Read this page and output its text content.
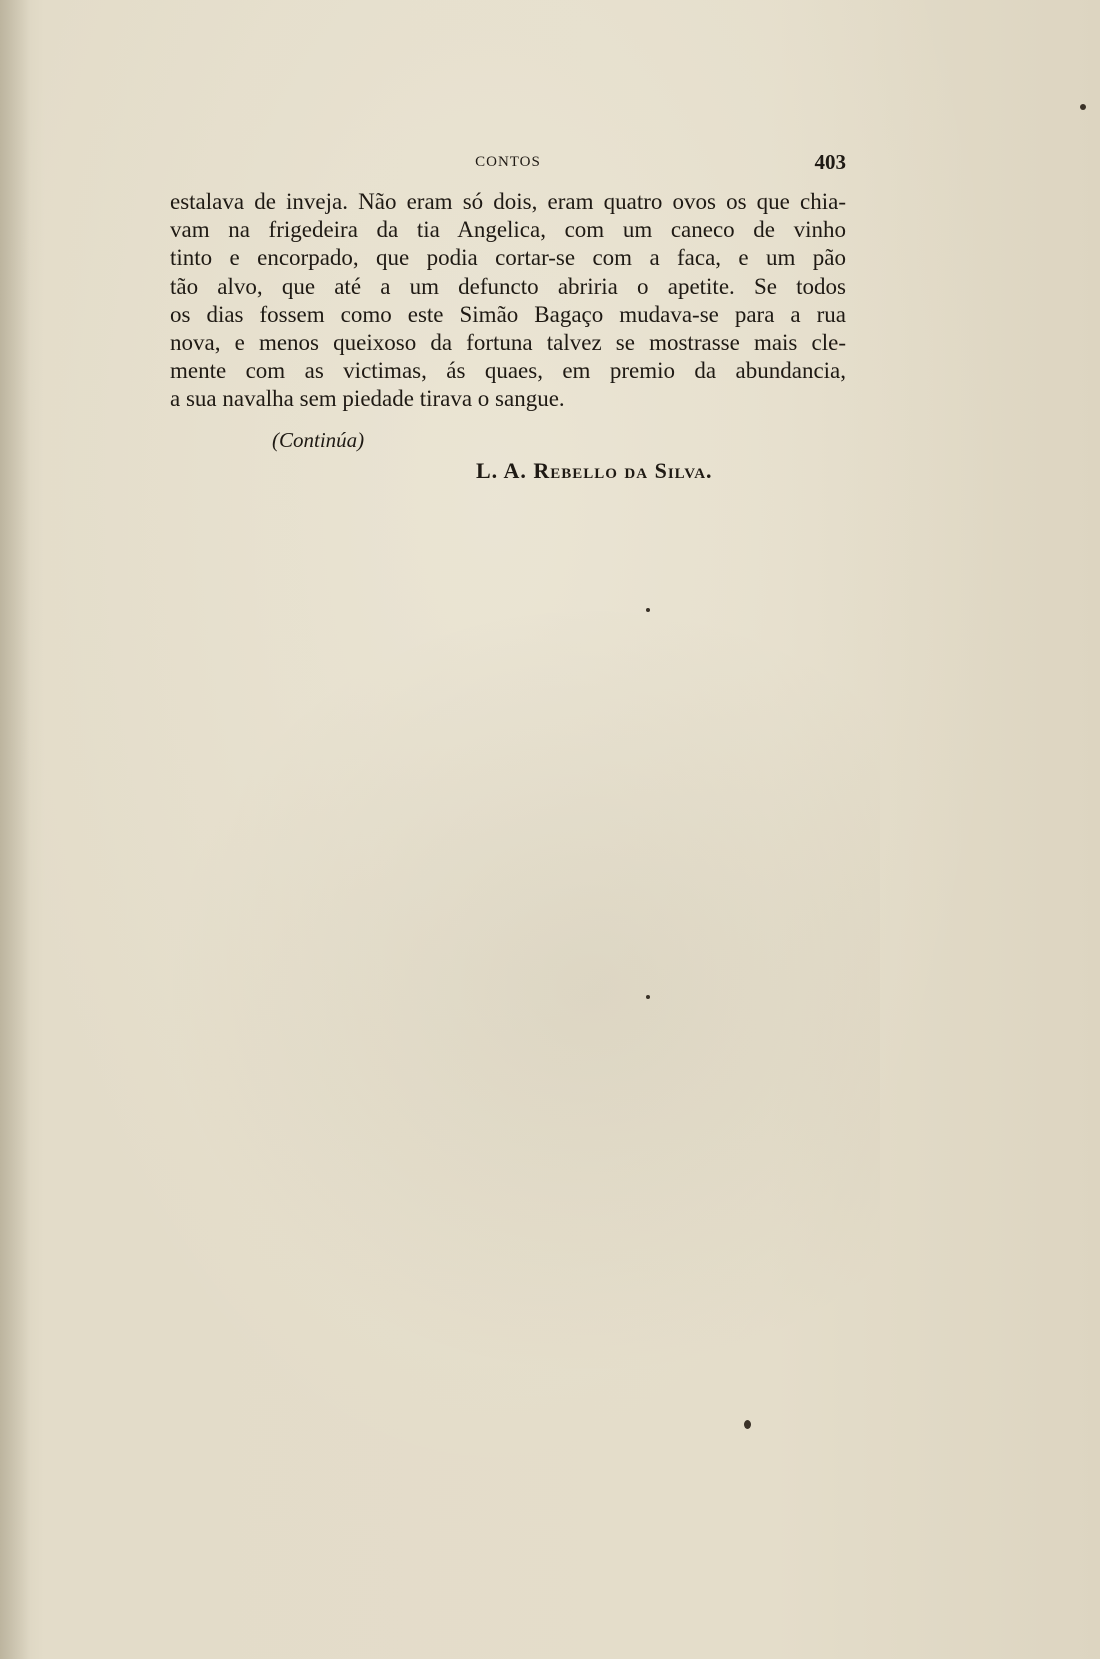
CONTOS	403
estalava de inveja. Não eram só dois, eram quatro ovos os que chia-
vam na frigedeira da tia Angelica, com um caneco de vinho
tinto e encorpado, que podia cortar-se com a faca, e um pão
tão alvo, que até a um defuncto abriria o apetite. Se todos
os dias fossem como este Simão Bagaço mudava-se para a rua
nova, e menos queixoso da fortuna talvez se mostrasse mais cle-
mente com as victimas, ás quaes, em premio da abundancia,
a sua navalha sem piedade tirava o sangue.
(Continúa)
L. A. Rebello da Silva.
